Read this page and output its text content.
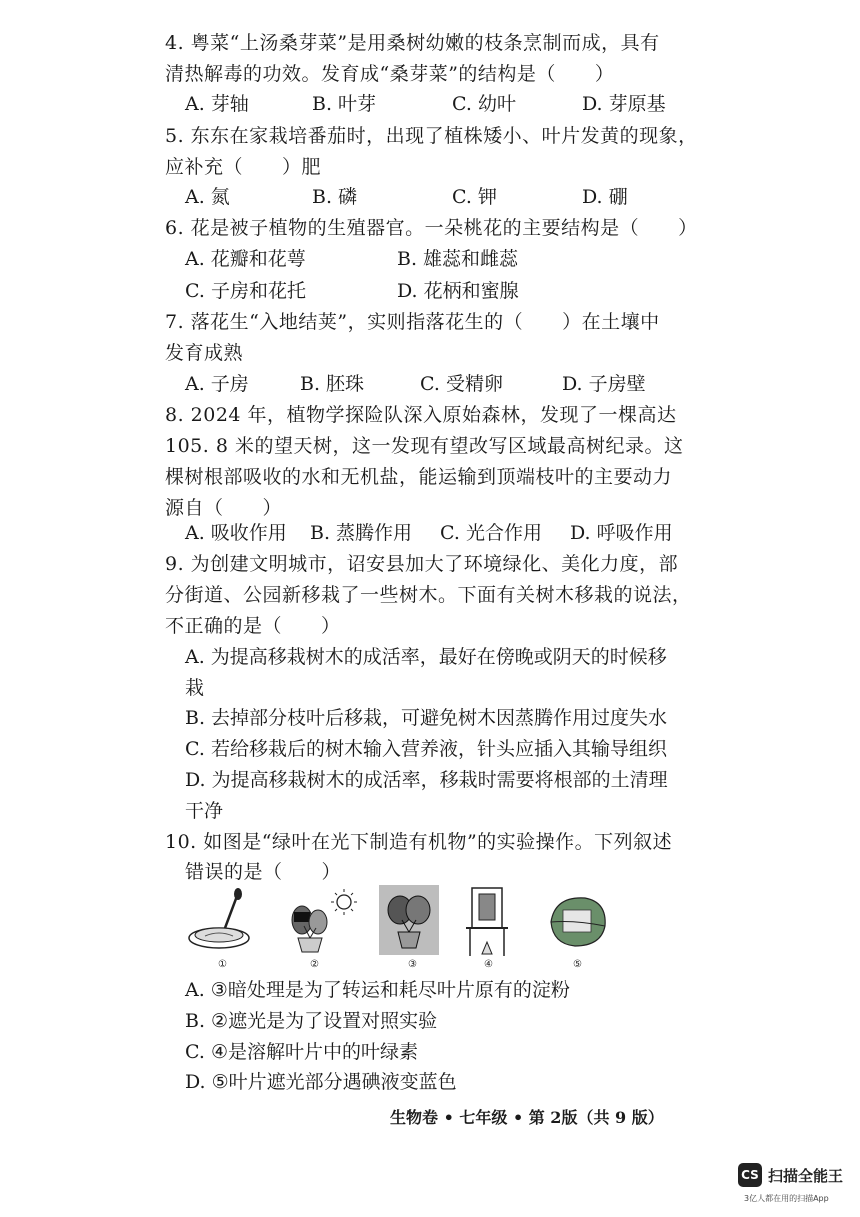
4. 粤菜“上汤桑芽菜”是用桑树幼嫩的枝条烹制而成，具有
清热解毒的功效。发育成“桑芽菜”的结构是（　　）
A. 芽轴	B. 叶芽	C. 幼叶	D. 芽原基
5. 东东在家栽培番茄时，出现了植株矮小、叶片发黄的现象，
应补充（　　）肥
A. 氮	B. 磷	C. 钾	D. 硼
6. 花是被子植物的生殖器官。一朵桃花的主要结构是（　　）
A. 花瓣和花萼	B. 雄蕊和雌蕊
C. 子房和花托	D. 花柄和蜜腺
7. 落花生“入地结荚”，实则指落花生的（　　）在土壤中
发育成熟
A. 子房	B. 胚珠	C. 受精卵	D. 子房壁
8. 2024 年，植物学探险队深入原始森林，发现了一棵高达
105. 8 米的望天树，这一发现有望改写区域最高树纪录。这
棵树根部吸收的水和无机盐，能运输到顶端枝叶的主要动力
源自（　　）
A. 吸收作用 B. 蒸腾作用 C. 光合作用 D. 呼吸作用
9. 为创建文明城市，诏安县加大了环境绿化、美化力度，部
分街道、公园新移栽了一些树木。下面有关树木移栽的说法，
不正确的是（　　）
A. 为提高移栽树木的成活率，最好在傍晚或阴天的时候移
栽
B. 去掉部分枝叶后移栽，可避免树木因蒸腾作用过度失水
C. 若给移栽后的树木输入营养液，针头应插入其输导组织
D. 为提高移栽树木的成活率，移栽时需要将根部的土清理
干净
10. 如图是“绿叶在光下制造有机物”的实验操作。下列叙述
错误的是（　　）
①	②	③	④	⑤
A. ③暗处理是为了转运和耗尽叶片原有的淀粉
B. ②遮光是为了设置对照实验
C. ④是溶解叶片中的叶绿素
D. ⑤叶片遮光部分遇碘液变蓝色
生物卷 • 七年级 • 第 2版（共 9 版）
CS 扫描全能王
3亿人都在用的扫描App
